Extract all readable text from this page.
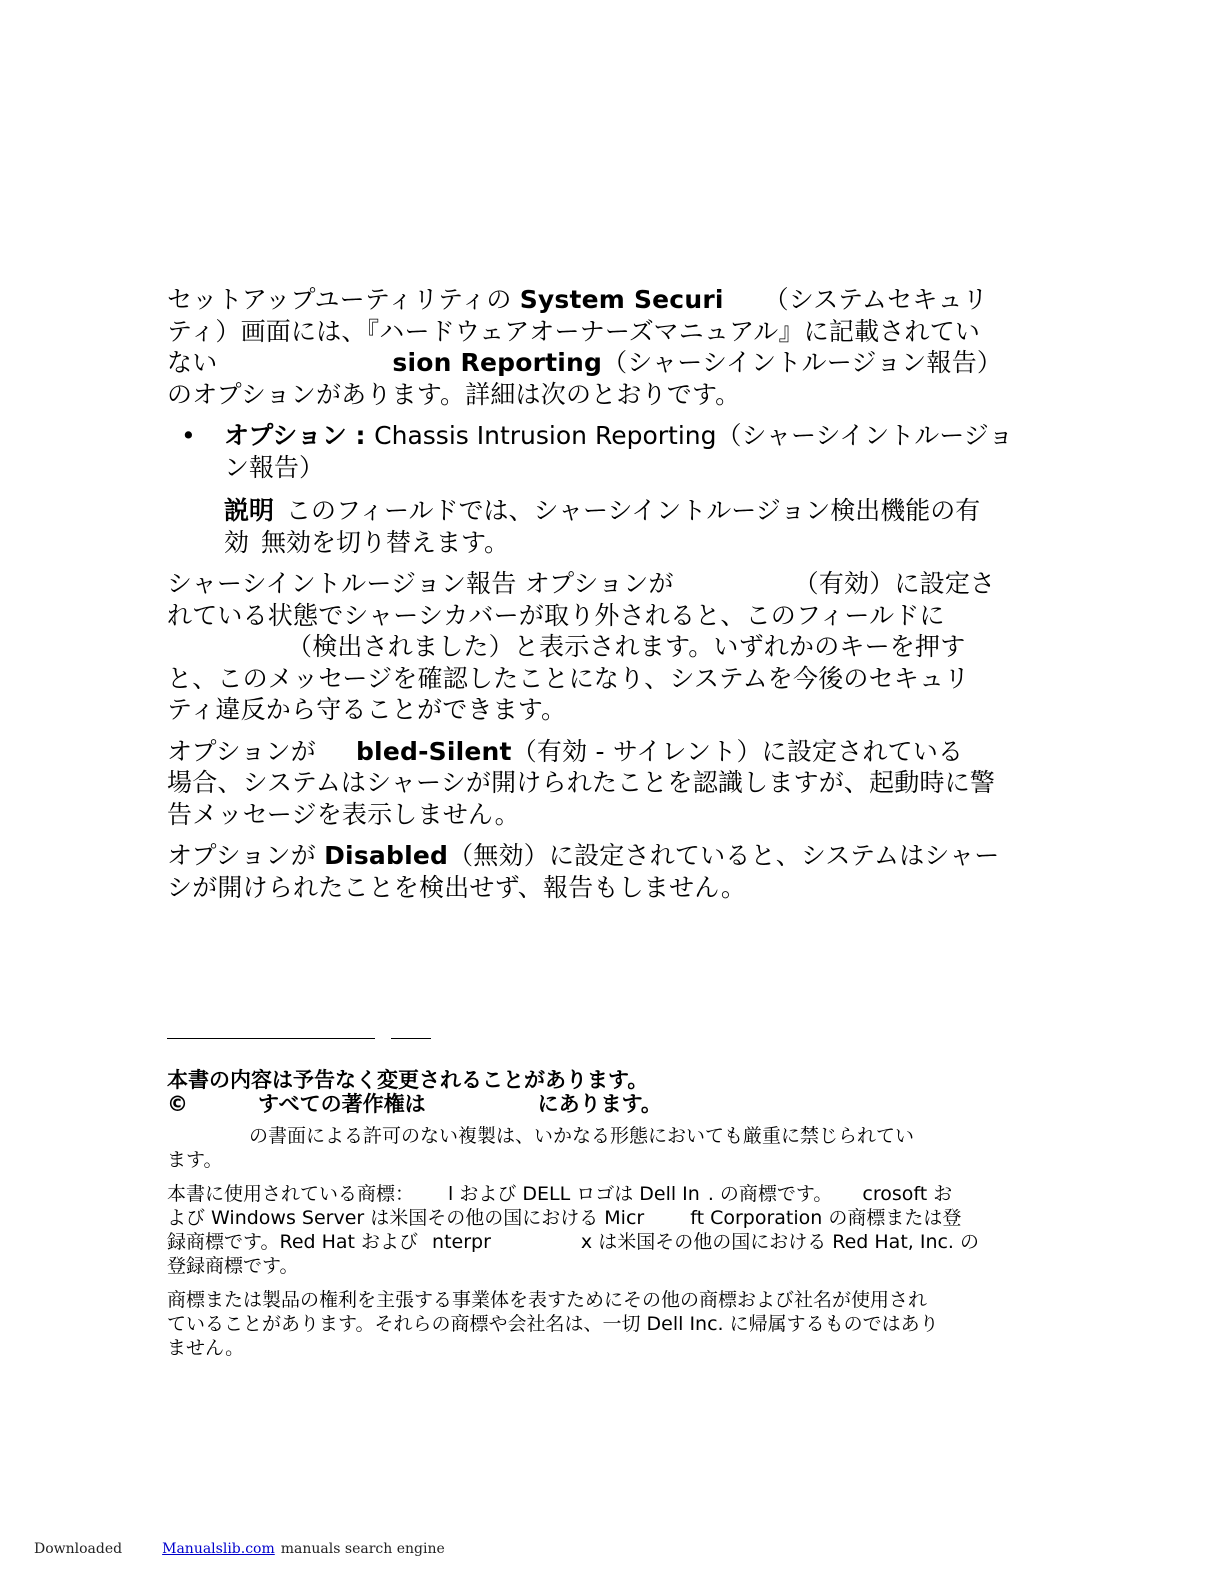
セットアップユーティリティの System Securi （システムセキュリ
ティ）画面には、『ハードウェアオーナーズマニュアル』に記載されてい
ない	sion Reporting（シャーシイントルージョン報告）
のオプションがあります。詳細は次のとおりです。

• オプション : Chassis Intrusion Reporting（シャーシイントルージョ
ン報告）
説明 このフィールドでは、シャーシイントルージョン検出機能の有
効 無効を切り替えます。

シャーシイントルージョン報告 オプションが	（有効）に設定さ
れている状態でシャーシカバーが取り外されると、このフィールドに
（検出されました）と表示されます。いずれかのキーを押す
と、このメッセージを確認したことになり、システムを今後のセキュリ
ティ違反から守ることができます。

オプションが bled-Silent（有効 - サイレント）に設定されている
場合、システムはシャーシが開けられたことを認識しますが、起動時に警
告メッセージを表示しません。

オプションが Disabled（無効）に設定されていると、システムはシャー
シが開けられたことを検出せず、報告もしません。

本書の内容は予告なく変更されることがあります。
©	すべての著作権は	にあります。

の書面による許可のない複製は、いかなる形態においても厳重に禁じられてい
ます。

本書に使用されている商標： l および DELL ロゴは Dell In . の商標です。 crosoft お
よび Windows Server は米国その他の国における Micr ft Corporation の商標または登
録商標です。Red Hat および nterpr	x は米国その他の国における Red Hat, Inc. の
登録商標です。

商標または製品の権利を主張する事業体を表すためにその他の商標および社名が使用され
ていることがあります。それらの商標や会社名は、一切 Dell Inc. に帰属するものではあり
ません。

Downloaded	Manualslib.com manuals search engine
